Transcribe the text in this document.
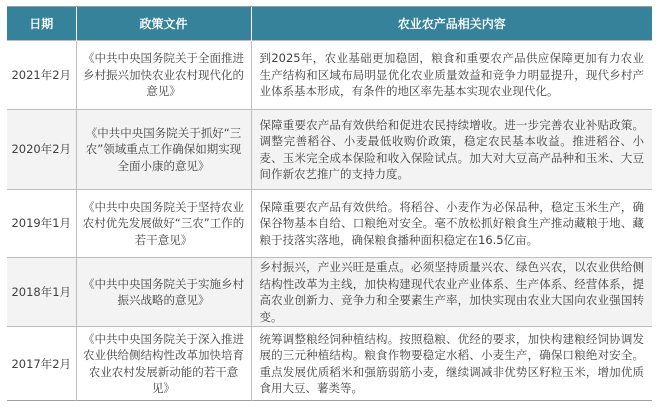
日期	政策文件	农业农产品相关内容
2021年2月	《中共中央国务院关于全面推进乡村振兴加快农业农村现代化的意见》	到2025年，农业基础更加稳固，粮食和重要农产品供应保障更加有力农业生产结构和区域布局明显优化农业质量效益和竞争力明显提升，现代乡村产业体系基本形成，有条件的地区率先基本实现农业现代化。
2020年2月	《中共中央国务院关于抓好“三农”领域重点工作确保如期实现全面小康的意见》	保障重要农产品有效供给和促进农民持续增收。进一步完善农业补贴政策。调整完善稻谷、小麦最低收购价政策，稳定农民基本收益。推进稻谷、小麦、玉米完全成本保险和收入保险试点。加大对大豆高产品种和玉米、大豆间作新农艺推广的支持力度。
2019年1月	《中共中央国务院关于坚持农业农村优先发展做好“三农”工作的若干意见》	保障重要农产品有效供给。将稻谷、小麦作为必保品种，稳定玉米生产，确保谷物基本自给、口粮绝对安全。毫不放松抓好粮食生产推动藏粮于地、藏粮于技落实落地，确保粮食播种面积稳定在16.5亿亩。
2018年1月	《中共中央国务院关于实施乡村振兴战略的意见》	乡村振兴，产业兴旺是重点。必须坚持质量兴农、绿色兴农，以农业供给侧结构性改革为主线，加快构建现代农业产业体系、生产体系、经营体系，提高农业创新力、竞争力和全要素生产率，加快实现由农业大国向农业强国转变。
2017年2月	《中共中央国务院关于深入推进农业供给侧结构性改革加快培育农业农村发展新动能的若干意见》	统筹调整粮经饲种植结构。按照稳粮、优经的要求，加快构建粮经饲协调发展的三元种植结构。粮食作物要稳定水稻、小麦生产，确保口粮绝对安全。重点发展优质稻米和强筋弱筋小麦，继续调减非优势区籽粒玉米，增加优质食用大豆、薯类等。
